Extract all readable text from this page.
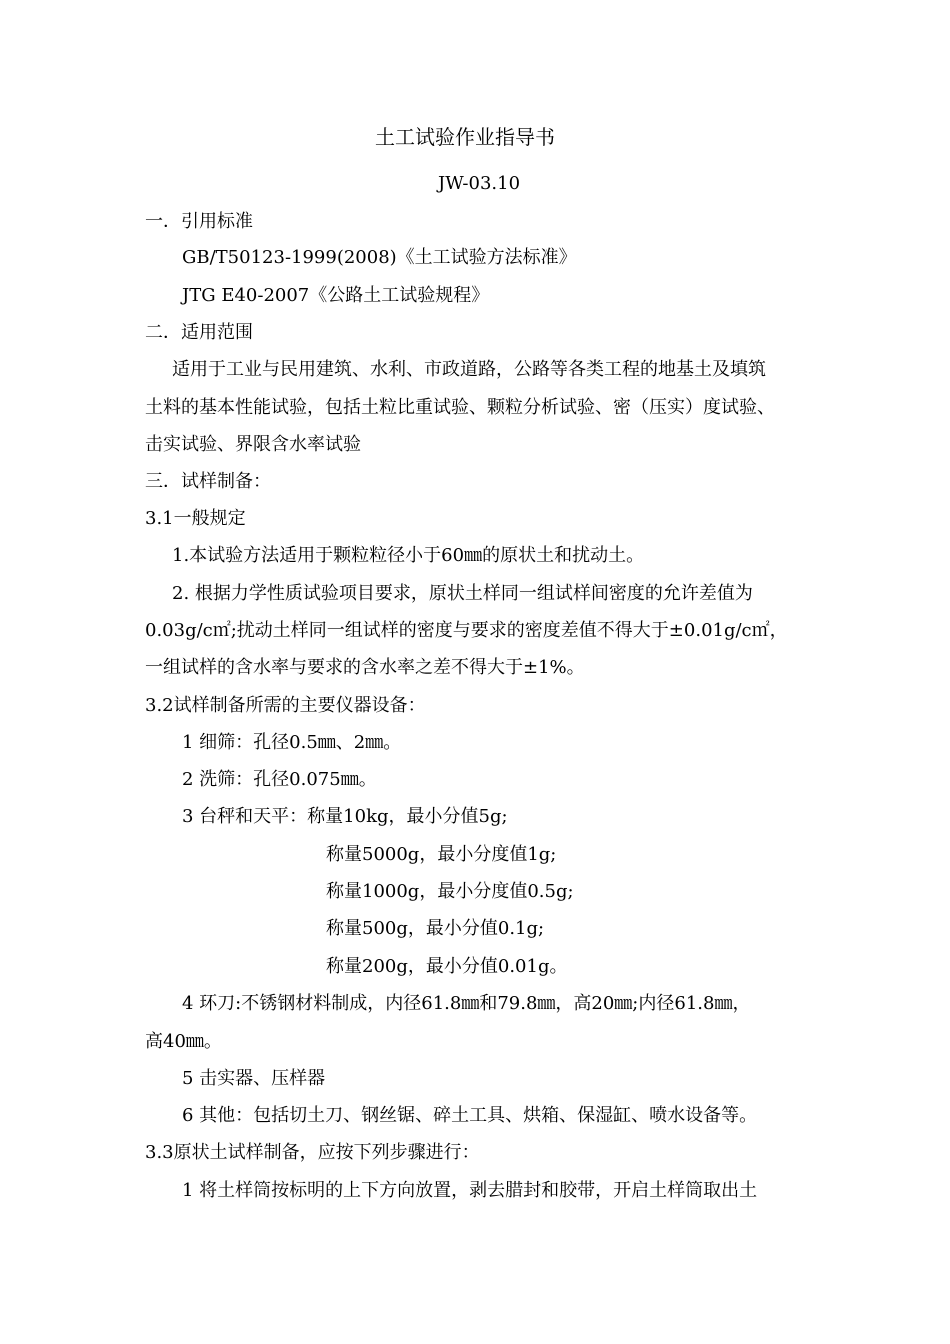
土工试验作业指导书
JW-03.10
一．引用标准
GB/T50123-1999(2008)《土工试验方法标准》
JTG E40-2007《公路土工试验规程》
二．适用范围
适用于工业与民用建筑、水利、市政道路，公路等各类工程的地基土及填筑
土料的基本性能试验，包括土粒比重试验、颗粒分析试验、密（压实）度试验、
击实试验、界限含水率试验
三．试样制备：
3.1一般规定
1.本试验方法适用于颗粒粒径小于60㎜的原状土和扰动土。
2. 根据力学性质试验项目要求，原状土样同一组试样间密度的允许差值为
0.03g/c㎡;扰动土样同一组试样的密度与要求的密度差值不得大于±0.01g/c㎡，
一组试样的含水率与要求的含水率之差不得大于±1%。
3.2试样制备所需的主要仪器设备：
1 细筛：孔径0.5㎜、2㎜。
2 洗筛：孔径0.075㎜。
3 台秤和天平：称量10kg，最小分值5g;
称量5000g，最小分度值1g;
称量1000g，最小分度值0.5g;
称量500g，最小分值0.1g;
称量200g，最小分值0.01g。
4 环刀:不锈钢材料制成，内径61.8㎜和79.8㎜，高20㎜;内径61.8㎜，
高40㎜。
5 击实器、压样器
6 其他：包括切土刀、钢丝锯、碎土工具、烘箱、保湿缸、喷水设备等。
3.3原状土试样制备，应按下列步骤进行：
1 将土样筒按标明的上下方向放置，剥去腊封和胶带，开启土样筒取出土
